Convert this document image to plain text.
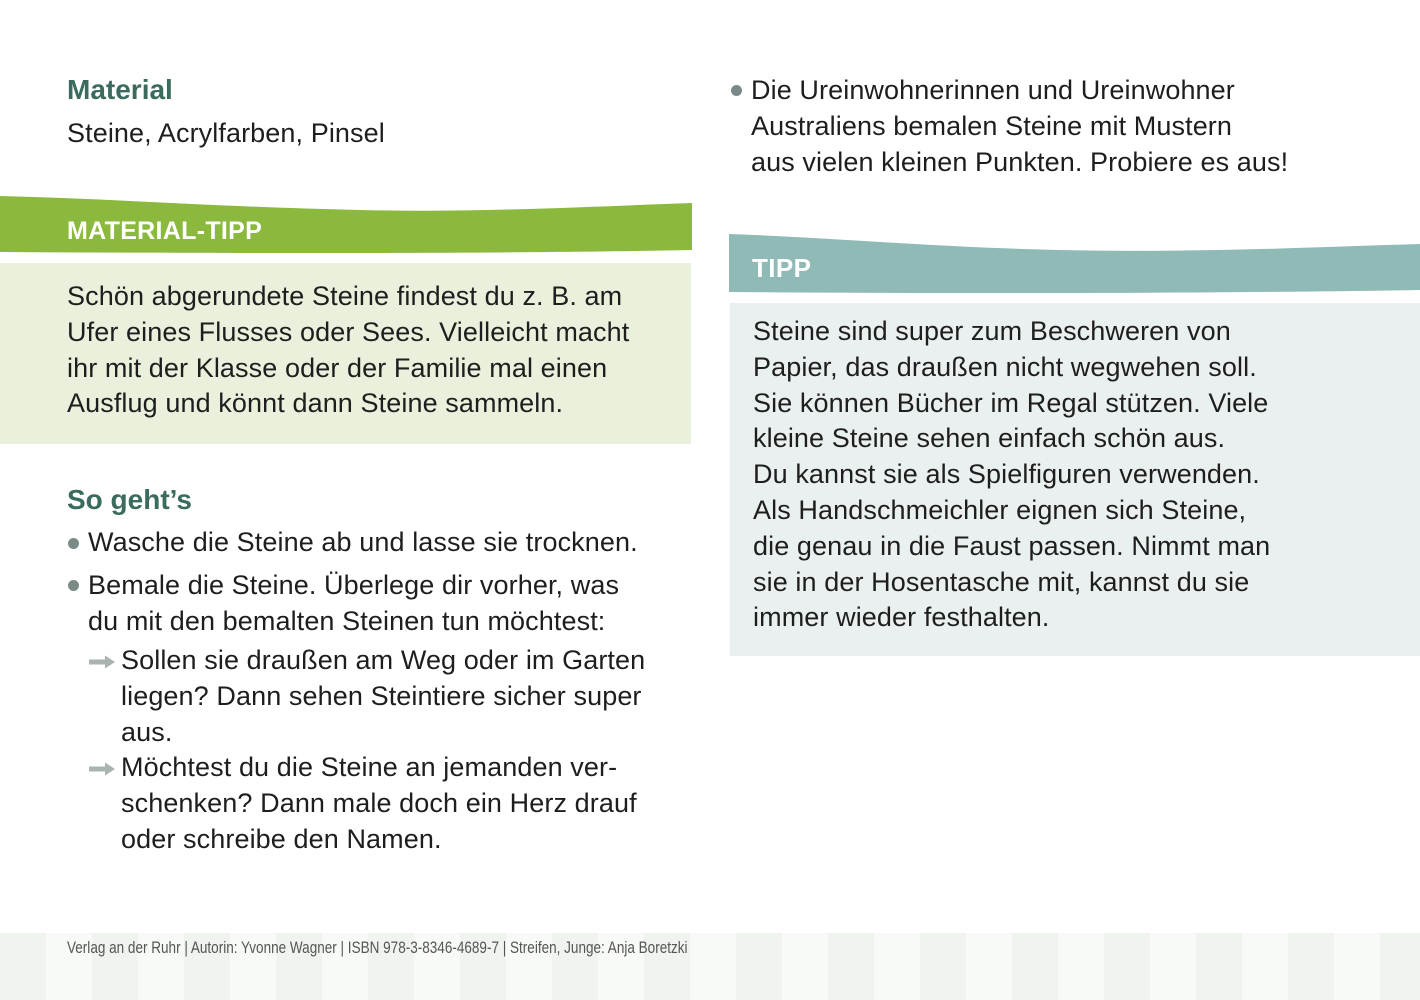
Material

Steine, Acrylfarben, Pinsel

MATERIAL-TIPP
Schön abgerundete Steine findest du z. B. am
Ufer eines Flusses oder Sees. Vielleicht macht
ihr mit der Klasse oder der Familie mal einen
Ausflug und könnt dann Steine sammeln.
So geht’s
Wasche die Steine ab und lasse sie trocknen.
Bemale die Steine. Überlege dir vorher, was
du mit den bemalten Steinen tun möchtest:
Sollen sie draußen am Weg oder im Garten
liegen? Dann sehen Steintiere sicher super
aus.
Möchtest du die Steine an jemanden ver-
schenken? Dann male doch ein Herz drauf
oder schreibe den Namen.
Die Ureinwohnerinnen und Ureinwohner
Australiens bemalen Steine mit Mustern
aus vielen kleinen Punkten. Probiere es aus!
TIPP
Steine sind super zum Beschweren von
Papier, das draußen nicht wegwehen soll.
Sie können Bücher im Regal stützen. Viele
kleine Steine sehen einfach schön aus.
Du kannst sie als Spielfiguren verwenden.
Als Handschmeichler eignen sich Steine,
die genau in die Faust passen. Nimmt man
sie in der Hosentasche mit, kannst du sie
immer wieder festhalten.

Verlag an der Ruhr | Autorin: Yvonne Wagner | ISBN 978-3-8346-4689-7 | Streifen, Junge: Anja Boretzki
